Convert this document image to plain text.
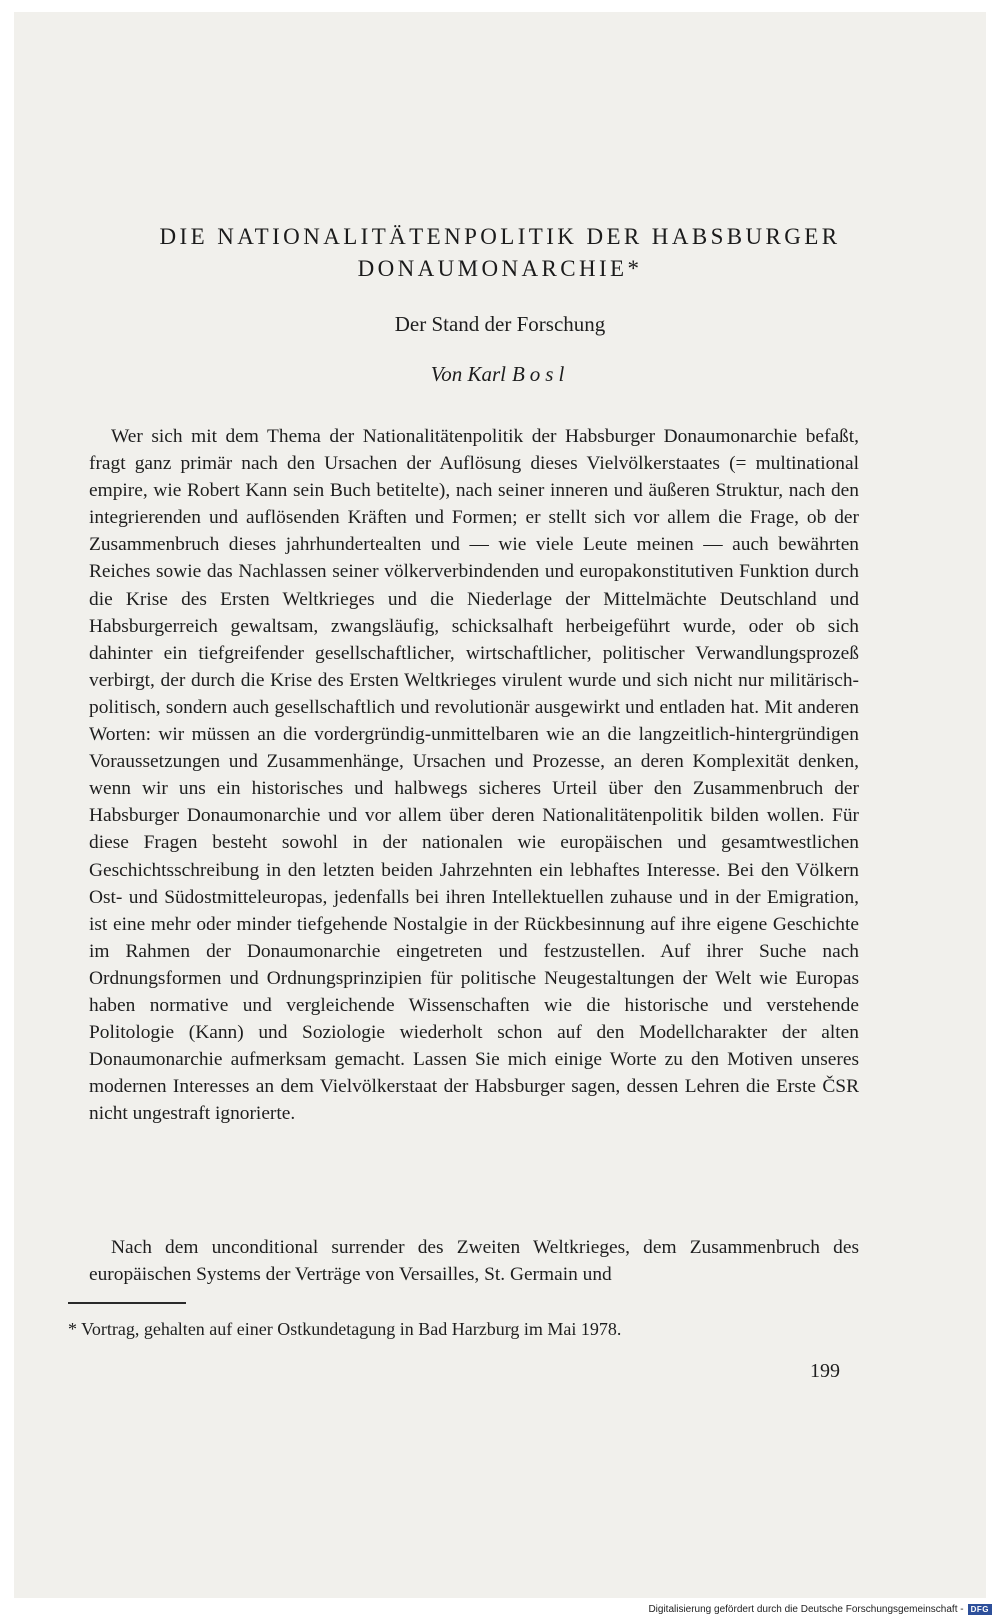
DIE NATIONALITÄTENPOLITIK DER HABSBURGER
DONAUMONARCHIE*
Der Stand der Forschung
Von Karl Bosl

Wer sich mit dem Thema der Nationalitätenpolitik der Habsburger Donaumonarchie befaßt, fragt ganz primär nach den Ursachen der Auflösung dieses Vielvölkerstaates (= multinational empire, wie Robert Kann sein Buch betitelte), nach seiner inneren und äußeren Struktur, nach den integrierenden und auflösenden Kräften und Formen; er stellt sich vor allem die Frage, ob der Zusammenbruch dieses jahrhundertealten und — wie viele Leute meinen — auch bewährten Reiches sowie das Nachlassen seiner völkerverbindenden und europakonstitutiven Funktion durch die Krise des Ersten Weltkrieges und die Niederlage der Mittelmächte Deutschland und Habsburgerreich gewaltsam, zwangsläufig, schicksalhaft herbeigeführt wurde, oder ob sich dahinter ein tiefgreifender gesellschaftlicher, wirtschaftlicher, politischer Verwandlungsprozeß verbirgt, der durch die Krise des Ersten Weltkrieges virulent wurde und sich nicht nur militärisch-politisch, sondern auch gesellschaftlich und revolutionär ausgewirkt und entladen hat. Mit anderen Worten: wir müssen an die vordergründig-unmittelbaren wie an die langzeitlich-hintergründigen Voraussetzungen und Zusammenhänge, Ursachen und Prozesse, an deren Komplexität denken, wenn wir uns ein historisches und halbwegs sicheres Urteil über den Zusammenbruch der Habsburger Donaumonarchie und vor allem über deren Nationalitätenpolitik bilden wollen. Für diese Fragen besteht sowohl in der nationalen wie europäischen und gesamtwestlichen Geschichtsschreibung in den letzten beiden Jahrzehnten ein lebhaftes Interesse. Bei den Völkern Ost- und Südostmitteleuropas, jedenfalls bei ihren Intellektuellen zuhause und in der Emigration, ist eine mehr oder minder tiefgehende Nostalgie in der Rückbesinnung auf ihre eigene Geschichte im Rahmen der Donaumonarchie eingetreten und festzustellen. Auf ihrer Suche nach Ordnungsformen und Ordnungsprinzipien für politische Neugestaltungen der Welt wie Europas haben normative und vergleichende Wissenschaften wie die historische und verstehende Politologie (Kann) und Soziologie wiederholt schon auf den Modellcharakter der alten Donaumonarchie aufmerksam gemacht. Lassen Sie mich einige Worte zu den Motiven unseres modernen Interesses an dem Vielvölkerstaat der Habsburger sagen, dessen Lehren die Erste ČSR nicht ungestraft ignorierte.

Nach dem unconditional surrender des Zweiten Weltkrieges, dem Zusammenbruch des europäischen Systems der Verträge von Versailles, St. Germain und

* Vortrag, gehalten auf einer Ostkundetagung in Bad Harzburg im Mai 1978.
199
Digitalisierung gefördert durch die Deutsche Forschungsgemeinschaft - DFG
